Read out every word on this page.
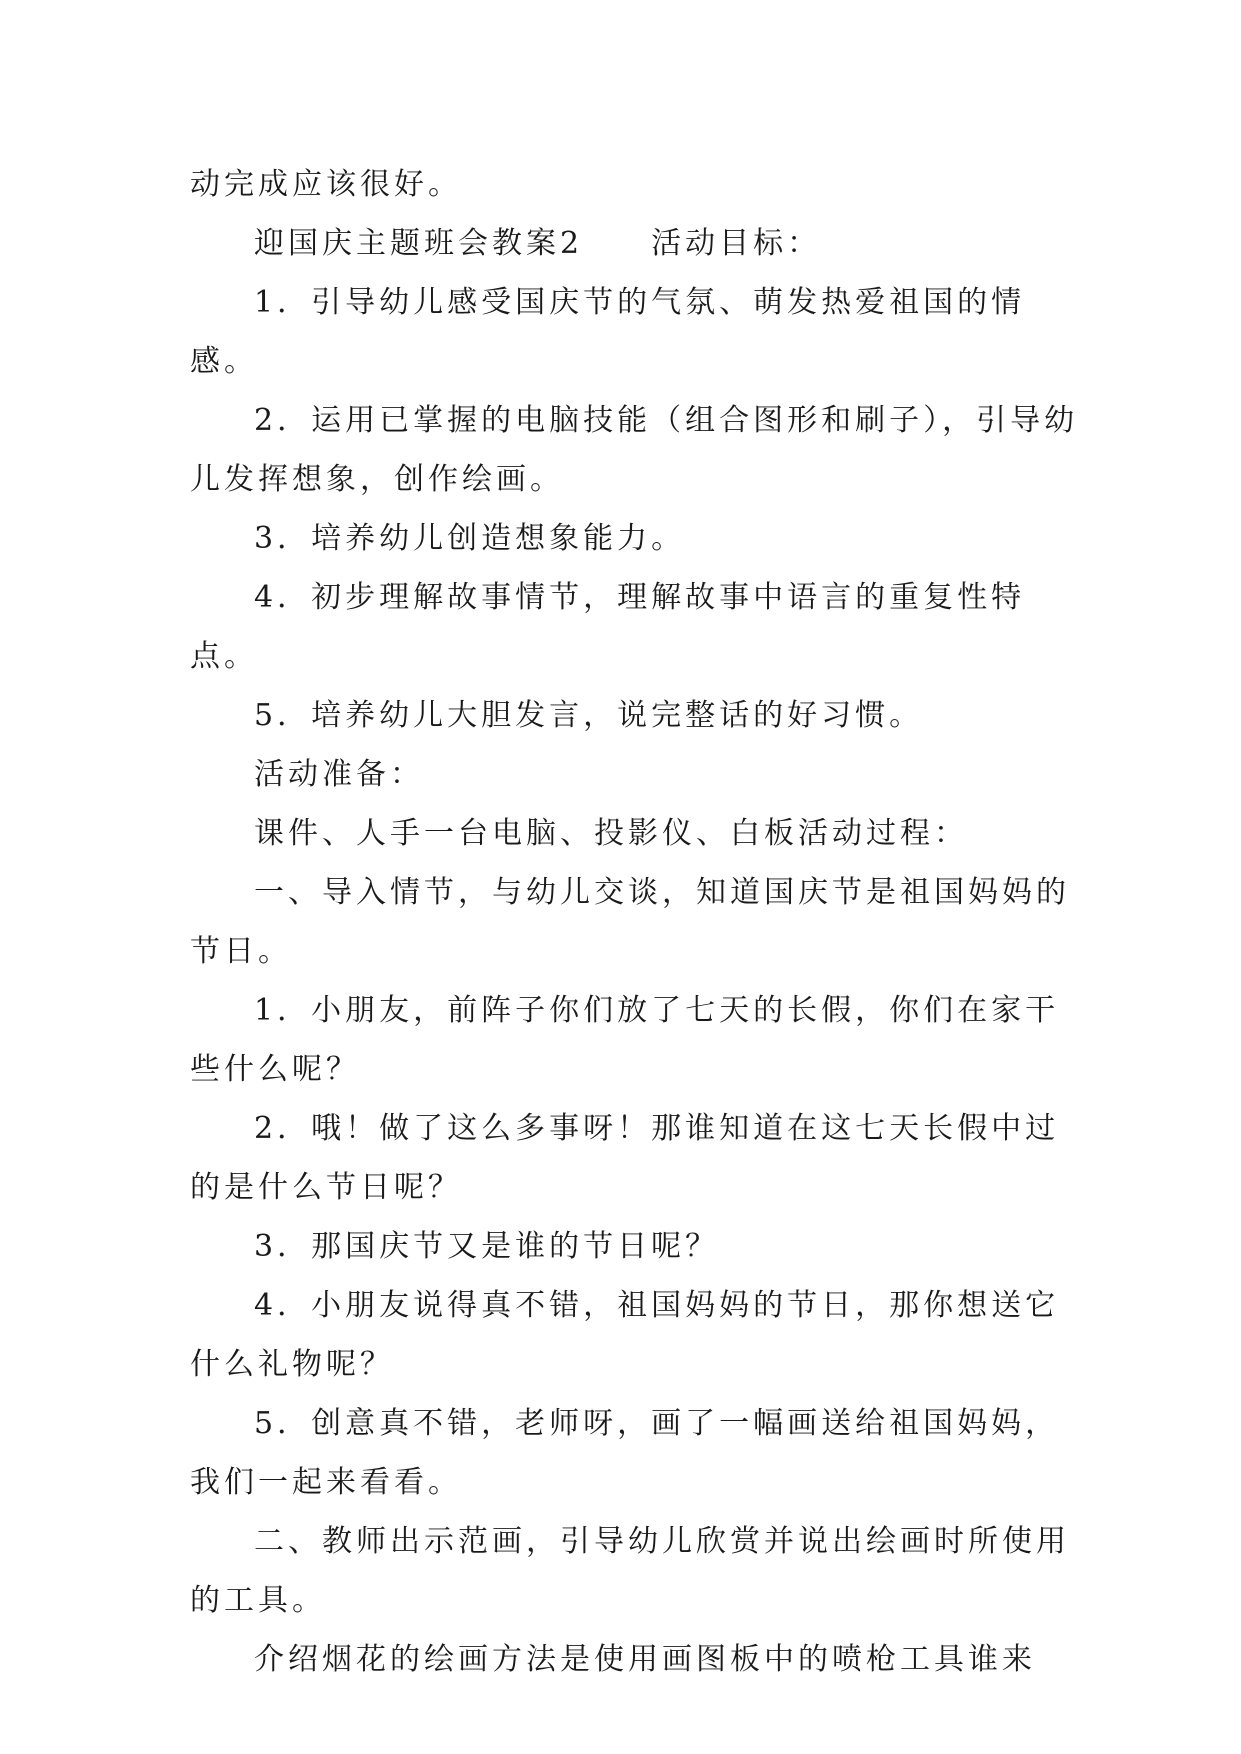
动完成应该很好。

迎国庆主题班会教案2　　活动目标：

1．引导幼儿感受国庆节的气氛、萌发热爱祖国的情感。

2．运用已掌握的电脑技能（组合图形和刷子），引导幼儿发挥想象，创作绘画。

3．培养幼儿创造想象能力。

4．初步理解故事情节，理解故事中语言的重复性特点。

5．培养幼儿大胆发言，说完整话的好习惯。

活动准备：

课件、人手一台电脑、投影仪、白板活动过程：

一、导入情节，与幼儿交谈，知道国庆节是祖国妈妈的节日。

1．小朋友，前阵子你们放了七天的长假，你们在家干些什么呢？

2．哦！做了这么多事呀！那谁知道在这七天长假中过的是什么节日呢？

3．那国庆节又是谁的节日呢？

4．小朋友说得真不错，祖国妈妈的节日，那你想送它什么礼物呢？

5．创意真不错，老师呀，画了一幅画送给祖国妈妈，我们一起来看看。

二、教师出示范画，引导幼儿欣赏并说出绘画时所使用的工具。

介绍烟花的绘画方法是使用画图板中的喷枪工具谁来
